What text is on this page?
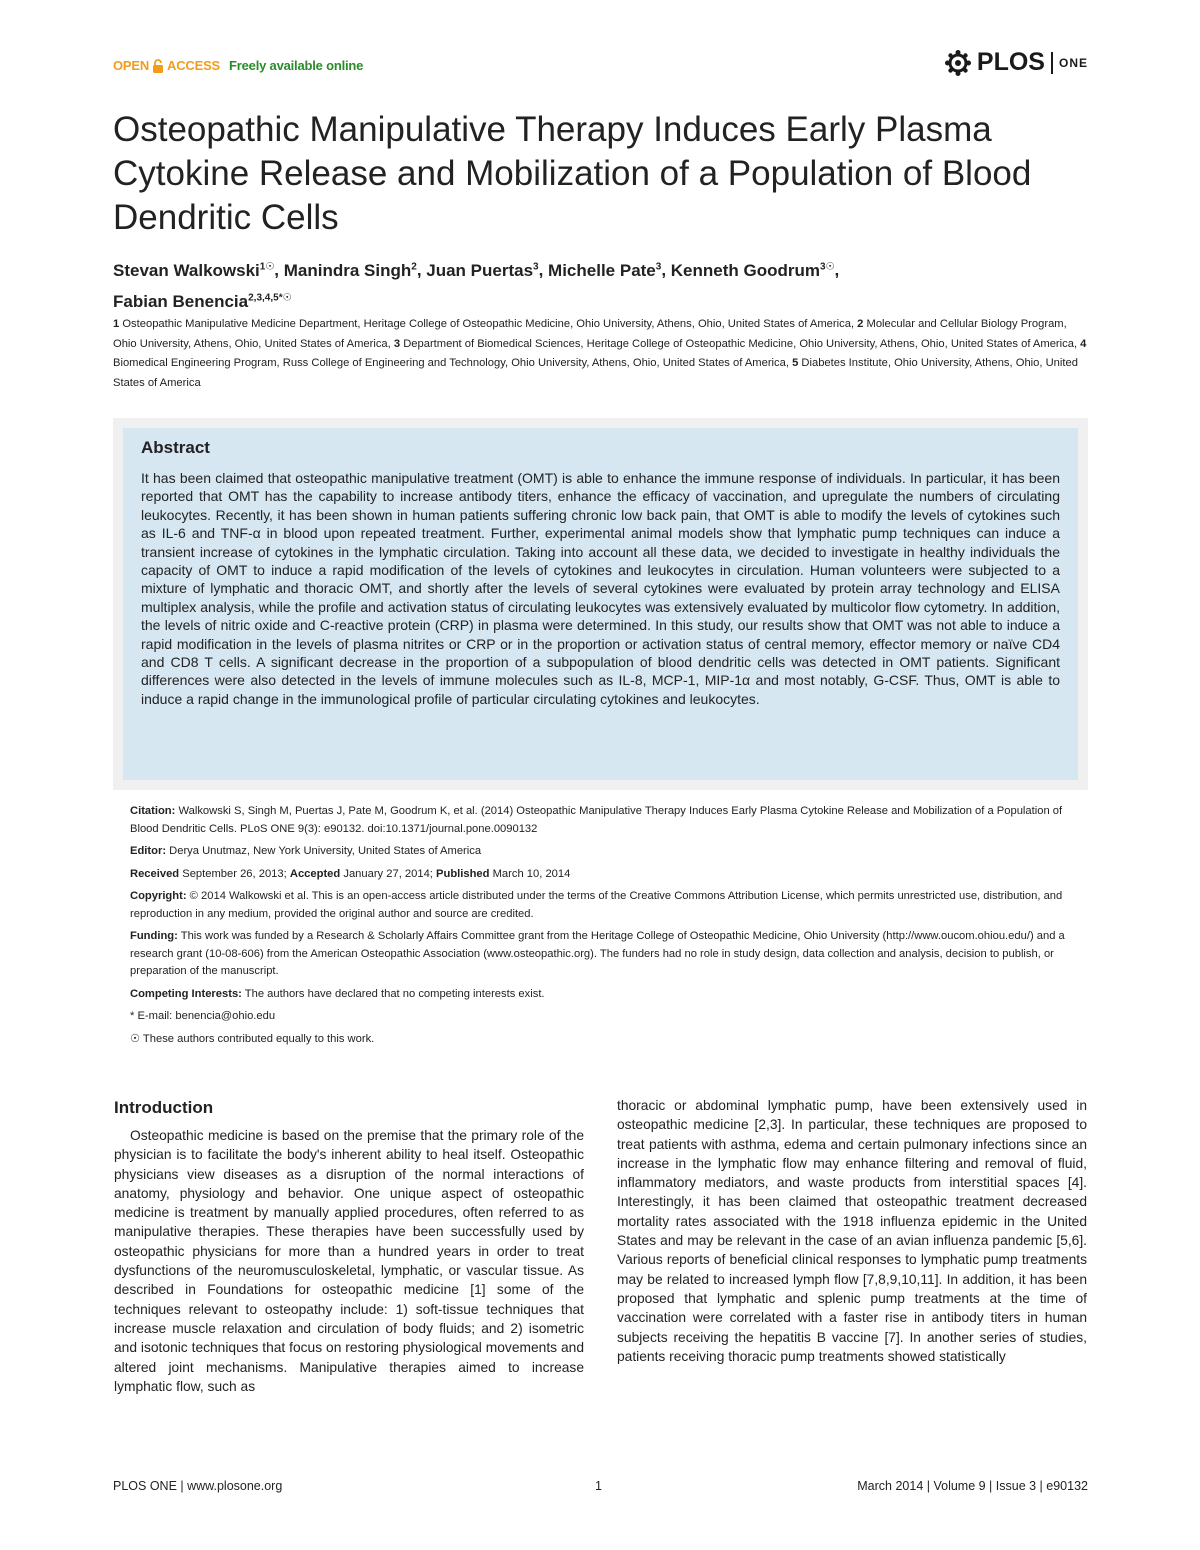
OPEN ACCESS Freely available online	PLOS ONE
Osteopathic Manipulative Therapy Induces Early Plasma Cytokine Release and Mobilization of a Population of Blood Dendritic Cells
Stevan Walkowski$^{1☉}$, Manindra Singh$^2$, Juan Puertas$^3$, Michelle Pate$^3$, Kenneth Goodrum$^{3☉}$,
Fabian Benencia$^{2,3,4,5*☉}$
1 Osteopathic Manipulative Medicine Department, Heritage College of Osteopathic Medicine, Ohio University, Athens, Ohio, United States of America, 2 Molecular and Cellular Biology Program, Ohio University, Athens, Ohio, United States of America, 3 Department of Biomedical Sciences, Heritage College of Osteopathic Medicine, Ohio University, Athens, Ohio, United States of America, 4 Biomedical Engineering Program, Russ College of Engineering and Technology, Ohio University, Athens, Ohio, United States of America, 5 Diabetes Institute, Ohio University, Athens, Ohio, United States of America
Abstract

It has been claimed that osteopathic manipulative treatment (OMT) is able to enhance the immune response of individuals. In particular, it has been reported that OMT has the capability to increase antibody titers, enhance the efficacy of vaccination, and upregulate the numbers of circulating leukocytes. Recently, it has been shown in human patients suffering chronic low back pain, that OMT is able to modify the levels of cytokines such as IL-6 and TNF-α in blood upon repeated treatment. Further, experimental animal models show that lymphatic pump techniques can induce a transient increase of cytokines in the lymphatic circulation. Taking into account all these data, we decided to investigate in healthy individuals the capacity of OMT to induce a rapid modification of the levels of cytokines and leukocytes in circulation. Human volunteers were subjected to a mixture of lymphatic and thoracic OMT, and shortly after the levels of several cytokines were evaluated by protein array technology and ELISA multiplex analysis, while the profile and activation status of circulating leukocytes was extensively evaluated by multicolor flow cytometry. In addition, the levels of nitric oxide and C-reactive protein (CRP) in plasma were determined. In this study, our results show that OMT was not able to induce a rapid modification in the levels of plasma nitrites or CRP or in the proportion or activation status of central memory, effector memory or naïve CD4 and CD8 T cells. A significant decrease in the proportion of a subpopulation of blood dendritic cells was detected in OMT patients. Significant differences were also detected in the levels of immune molecules such as IL-8, MCP-1, MIP-1α and most notably, G-CSF. Thus, OMT is able to induce a rapid change in the immunological profile of particular circulating cytokines and leukocytes.

Citation: Walkowski S, Singh M, Puertas J, Pate M, Goodrum K, et al. (2014) Osteopathic Manipulative Therapy Induces Early Plasma Cytokine Release and Mobilization of a Population of Blood Dendritic Cells. PLoS ONE 9(3): e90132. doi:10.1371/journal.pone.0090132

Editor: Derya Unutmaz, New York University, United States of America

Received September 26, 2013; Accepted January 27, 2014; Published March 10, 2014

Copyright: © 2014 Walkowski et al. This is an open-access article distributed under the terms of the Creative Commons Attribution License, which permits unrestricted use, distribution, and reproduction in any medium, provided the original author and source are credited.

Funding: This work was funded by a Research & Scholarly Affairs Committee grant from the Heritage College of Osteopathic Medicine, Ohio University (http://www.oucom.ohiou.edu/) and a research grant (10-08-606) from the American Osteopathic Association (www.osteopathic.org). The funders had no role in study design, data collection and analysis, decision to publish, or preparation of the manuscript.

Competing Interests: The authors have declared that no competing interests exist.

* E-mail: benencia@ohio.edu

☉ These authors contributed equally to this work.

Introduction

Osteopathic medicine is based on the premise that the primary role of the physician is to facilitate the body's inherent ability to heal itself. Osteopathic physicians view diseases as a disruption of the normal interactions of anatomy, physiology and behavior. One unique aspect of osteopathic medicine is treatment by manually applied procedures, often referred to as manipulative therapies. These therapies have been successfully used by osteopathic physicians for more than a hundred years in order to treat dysfunctions of the neuromusculoskeletal, lymphatic, or vascular tissue. As described in Foundations for osteopathic medicine [1] some of the techniques relevant to osteopathy include: 1) soft-tissue techniques that increase muscle relaxation and circulation of body fluids; and 2) isometric and isotonic techniques that focus on restoring physiological movements and altered joint mechanisms. Manipulative therapies aimed to increase lymphatic flow, such as

thoracic or abdominal lymphatic pump, have been extensively used in osteopathic medicine [2,3]. In particular, these techniques are proposed to treat patients with asthma, edema and certain pulmonary infections since an increase in the lymphatic flow may enhance filtering and removal of fluid, inflammatory mediators, and waste products from interstitial spaces [4]. Interestingly, it has been claimed that osteopathic treatment decreased mortality rates associated with the 1918 influenza epidemic in the United States and may be relevant in the case of an avian influenza pandemic [5,6]. Various reports of beneficial clinical responses to lymphatic pump treatments may be related to increased lymph flow [7,8,9,10,11]. In addition, it has been proposed that lymphatic and splenic pump treatments at the time of vaccination were correlated with a faster rise in antibody titers in human subjects receiving the hepatitis B vaccine [7]. In another series of studies, patients receiving thoracic pump treatments showed statistically

PLOS ONE | www.plosone.org	1	March 2014 | Volume 9 | Issue 3 | e90132
